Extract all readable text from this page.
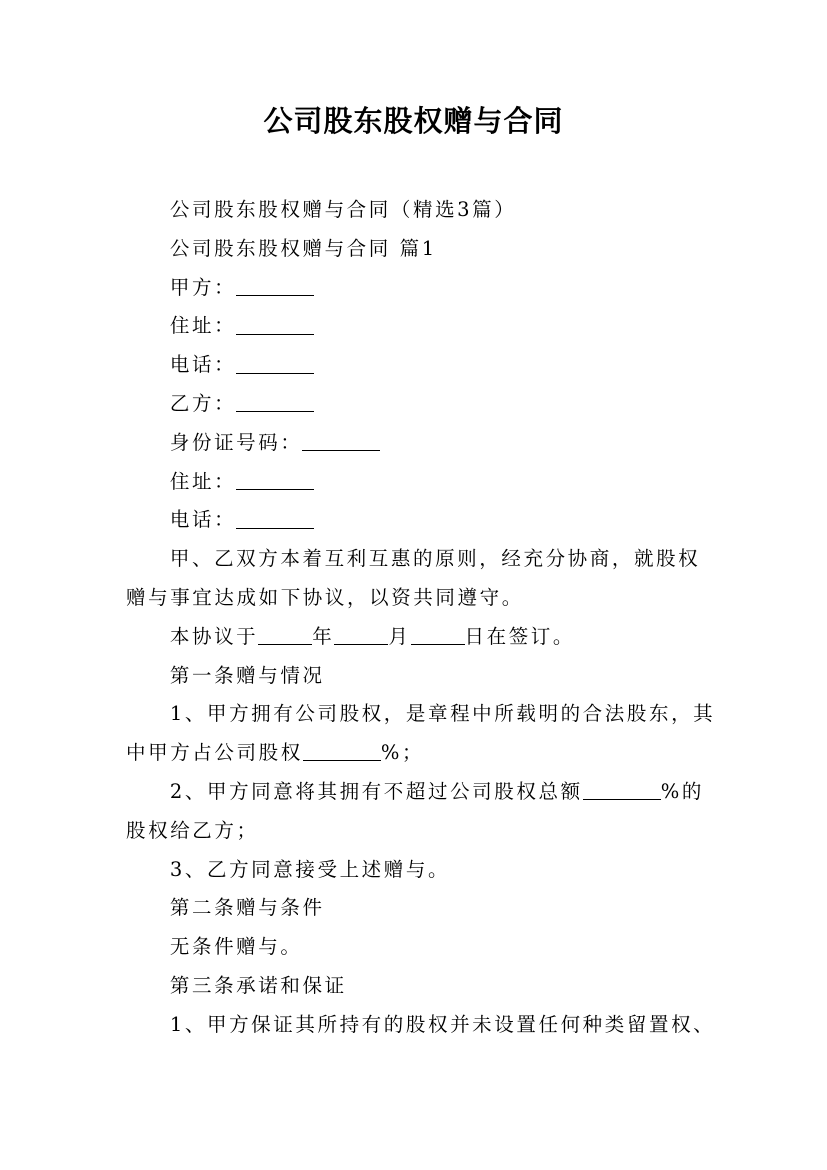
公司股东股权赠与合同

公司股东股权赠与合同（精选3篇）

公司股东股权赠与合同 篇1

甲方：

住址：

电话：

乙方：

身份证号码：

住址：

电话：

甲、乙双方本着互利互惠的原则，经充分协商，就股权赠与事宜达成如下协议，以资共同遵守。

本协议于	年	月	日在签订。

第一条赠与情况

1、甲方拥有公司股权，是章程中所载明的合法股东，其中甲方占公司股权	%；

2、甲方同意将其拥有不超过公司股权总额	%的股权给乙方；

3、乙方同意接受上述赠与。

第二条赠与条件

无条件赠与。

第三条承诺和保证

1、甲方保证其所持有的股权并未设置任何种类留置权、
